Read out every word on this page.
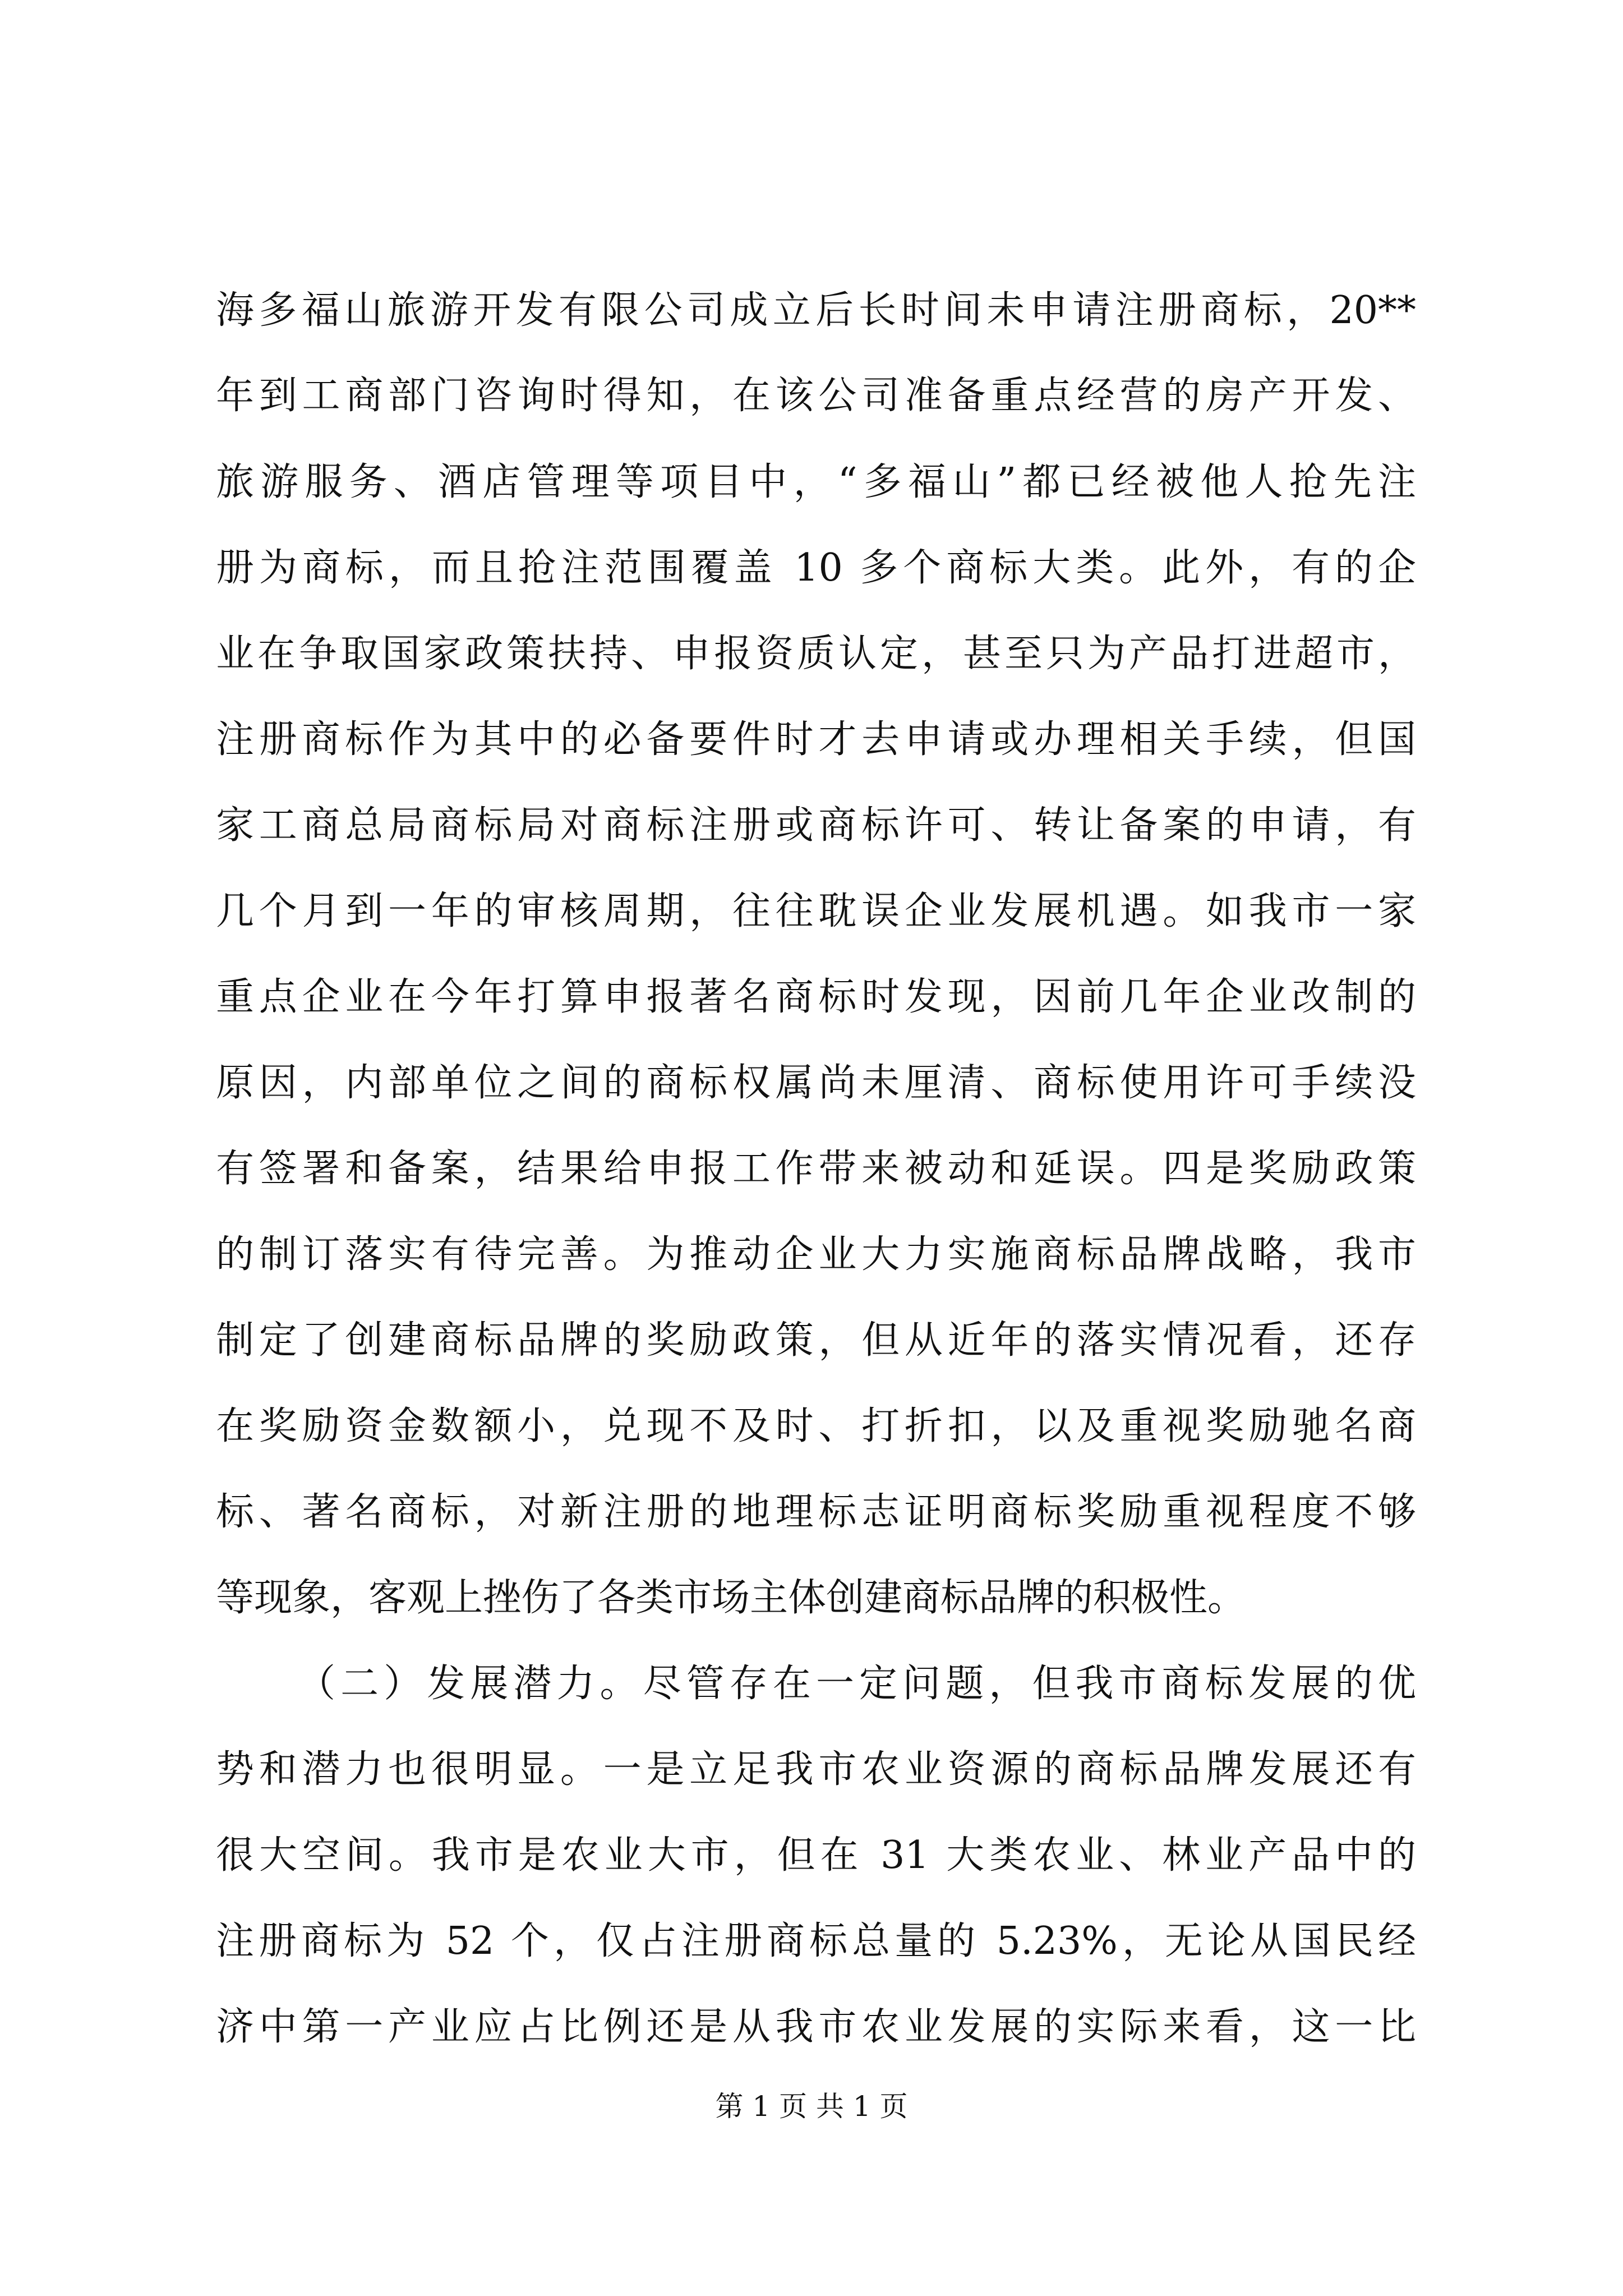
海多福山旅游开发有限公司成立后长时间未申请注册商标，20**
年到工商部门咨询时得知，在该公司准备重点经营的房产开发、
旅游服务、酒店管理等项目中，“多福山”都已经被他人抢先注
册为商标，而且抢注范围覆盖 10 多个商标大类。此外，有的企
业在争取国家政策扶持、申报资质认定，甚至只为产品打进超市，
注册商标作为其中的必备要件时才去申请或办理相关手续，但国
家工商总局商标局对商标注册或商标许可、转让备案的申请，有
几个月到一年的审核周期，往往耽误企业发展机遇。如我市一家
重点企业在今年打算申报著名商标时发现，因前几年企业改制的
原因，内部单位之间的商标权属尚未厘清、商标使用许可手续没
有签署和备案，结果给申报工作带来被动和延误。四是奖励政策
的制订落实有待完善。为推动企业大力实施商标品牌战略，我市
制定了创建商标品牌的奖励政策，但从近年的落实情况看，还存
在奖励资金数额小，兑现不及时、打折扣，以及重视奖励驰名商
标、著名商标，对新注册的地理标志证明商标奖励重视程度不够
等现象，客观上挫伤了各类市场主体创建商标品牌的积极性。
（二）发展潜力。尽管存在一定问题，但我市商标发展的优
势和潜力也很明显。一是立足我市农业资源的商标品牌发展还有
很大空间。我市是农业大市，但在 31 大类农业、林业产品中的
注册商标为 52 个，仅占注册商标总量的 5.23%，无论从国民经
济中第一产业应占比例还是从我市农业发展的实际来看，这一比
第 1 页 共 1 页
